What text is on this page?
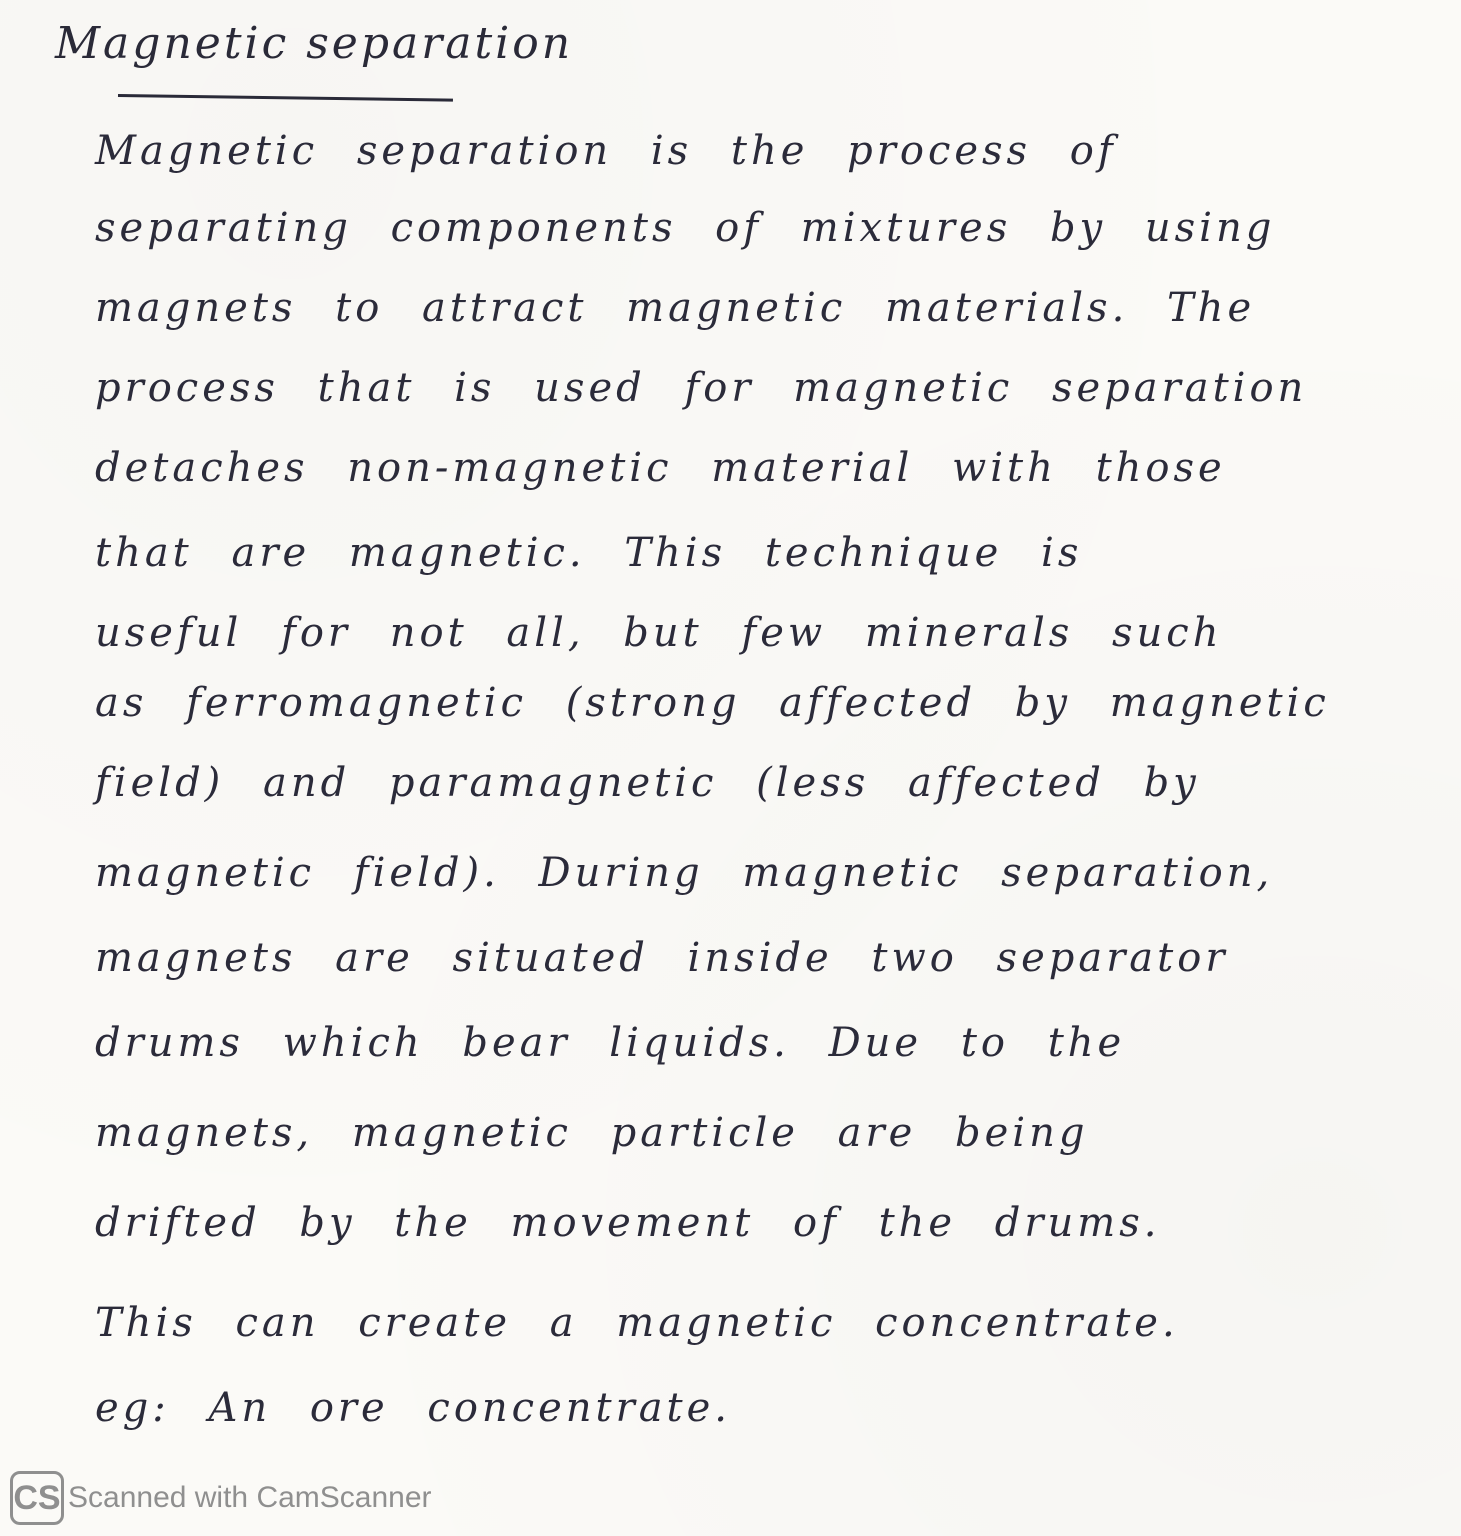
Magnetic separation
Magnetic separation is the process of
separating components of mixtures by using
magnets to attract magnetic materials. The
process that is used for magnetic separation
detaches non-magnetic material with those
that are magnetic. This technique is
useful for not all, but few minerals such
as ferromagnetic (strong affected by magnetic
field) and paramagnetic (less affected by
magnetic field). During magnetic separation,
magnets are situated inside two separator
drums which bear liquids. Due to the
magnets, magnetic particle are being
drifted by the movement of the drums.
This can create a magnetic concentrate.
eg: An ore concentrate.
CS Scanned with CamScanner
